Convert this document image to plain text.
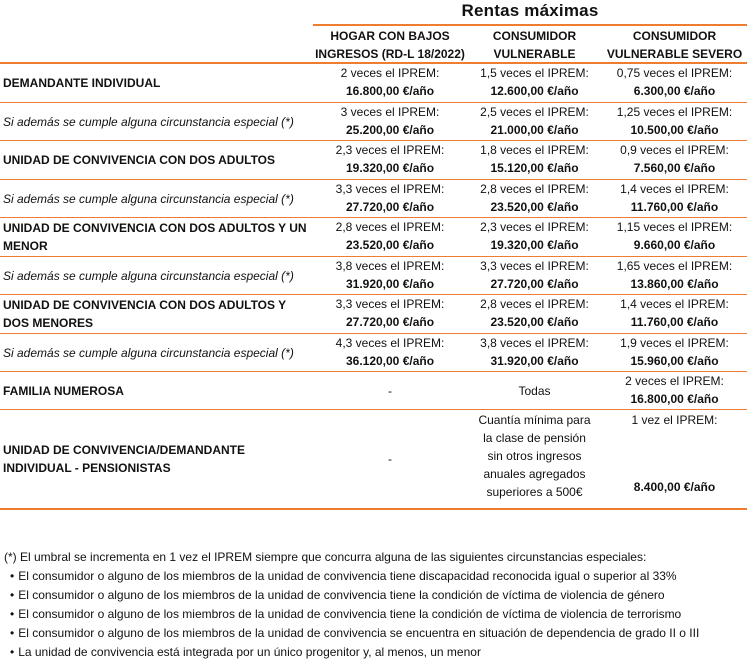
Rentas máximas
HOGAR CON BAJOS INGRESOS (RD-L 18/2022)
CONSUMIDOR VULNERABLE
CONSUMIDOR VULNERABLE SEVERO
DEMANDANTE INDIVIDUAL
2 veces el IPREM:
16.800,00 €/año
1,5 veces el IPREM:
12.600,00 €/año
0,75 veces el IPREM:
6.300,00 €/año
Si además se cumple alguna circunstancia especial (*)
3 veces el IPREM:
25.200,00 €/año
2,5 veces el IPREM:
21.000,00 €/año
1,25 veces el IPREM:
10.500,00 €/año
UNIDAD DE CONVIVENCIA CON DOS ADULTOS
2,3 veces el IPREM:
19.320,00 €/año
1,8 veces el IPREM:
15.120,00 €/año
0,9 veces el IPREM:
7.560,00 €/año
Si además se cumple alguna circunstancia especial (*)
3,3 veces el IPREM:
27.720,00 €/año
2,8 veces el IPREM:
23.520,00 €/año
1,4 veces el IPREM:
11.760,00 €/año
UNIDAD DE CONVIVENCIA CON DOS ADULTOS Y UN MENOR
2,8 veces el IPREM:
23.520,00 €/año
2,3 veces el IPREM:
19.320,00 €/año
1,15 veces el IPREM:
9.660,00 €/año
Si además se cumple alguna circunstancia especial (*)
3,8 veces el IPREM:
31.920,00 €/año
3,3 veces el IPREM:
27.720,00 €/año
1,65 veces el IPREM:
13.860,00 €/año
UNIDAD DE CONVIVENCIA CON DOS ADULTOS Y DOS MENORES
3,3 veces el IPREM:
27.720,00 €/año
2,8 veces el IPREM:
23.520,00 €/año
1,4 veces el IPREM:
11.760,00 €/año
Si además se cumple alguna circunstancia especial (*)
4,3 veces el IPREM:
36.120,00 €/año
3,8 veces el IPREM:
31.920,00 €/año
1,9 veces el IPREM:
15.960,00 €/año
FAMILIA NUMEROSA	-	Todas
2 veces el IPREM:
16.800,00 €/año
UNIDAD DE CONVIVENCIA/DEMANDANTE INDIVIDUAL - PENSIONISTAS
-
Cuantía mínima para la clase de pensión sin otros ingresos anuales agregados superiores a 500€
1 vez el IPREM:
8.400,00 €/año
(*) El umbral se incrementa en 1 vez el IPREM siempre que concurra alguna de las siguientes circunstancias especiales:
• El consumidor o alguno de los miembros de la unidad de convivencia tiene discapacidad reconocida igual o superior al 33%
• El consumidor o alguno de los miembros de la unidad de convivencia tiene la condición de víctima de violencia de género
• El consumidor o alguno de los miembros de la unidad de convivencia tiene la condición de víctima de violencia de terrorismo
• El consumidor o alguno de los miembros de la unidad de convivencia se encuentra en situación de dependencia de grado II o III
• La unidad de convivencia está integrada por un único progenitor y, al menos, un menor
